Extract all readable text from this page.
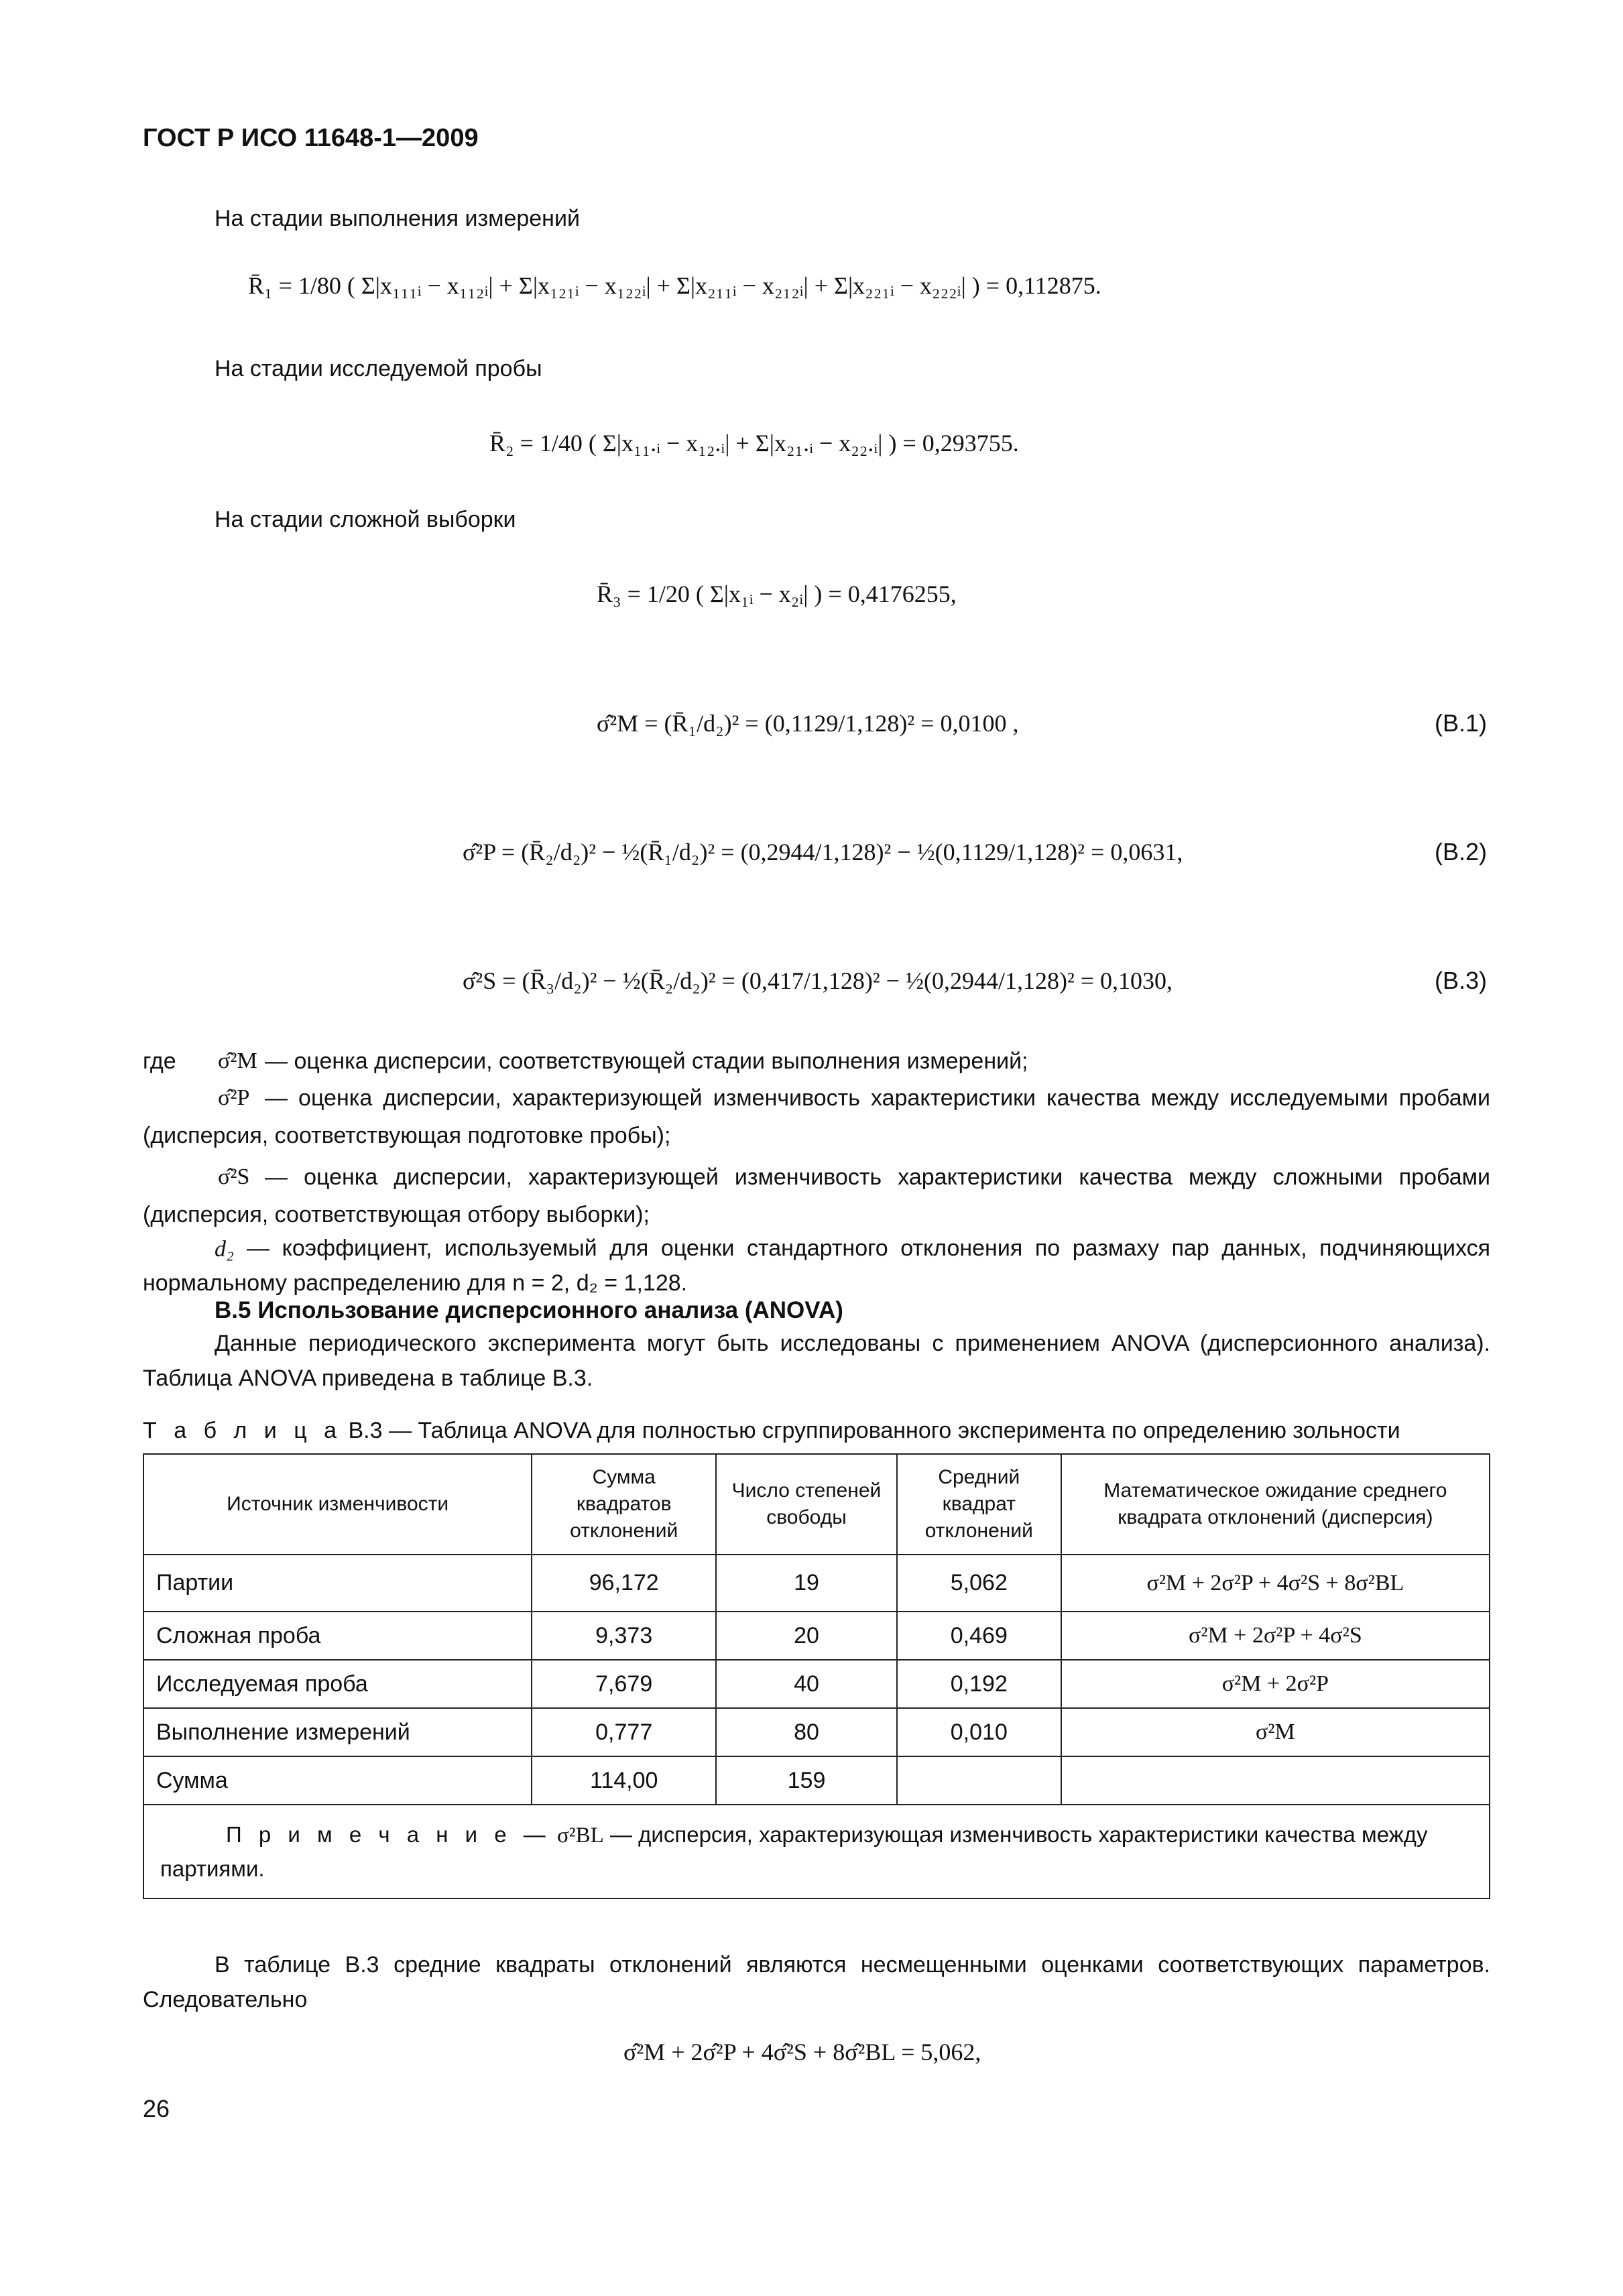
ГОСТ Р ИСО 11648-1—2009
На стадии выполнения измерений
R̄₁ = 1/80 ( Σ|x₁₁₁ᵢ − x₁₁₂ᵢ| + Σ|x₁₂₁ᵢ − x₁₂₂ᵢ| + Σ|x₂₁₁ᵢ − x₂₁₂ᵢ| + Σ|x₂₂₁ᵢ − x₂₂₂ᵢ| ) = 0,112875.
На стадии исследуемой пробы
R̄₂ = 1/40 ( Σ|x₁₁.ᵢ − x₁₂.ᵢ| + Σ|x₂₁.ᵢ − x₂₂.ᵢ| ) = 0,293755.
На стадии сложной выборки
R̄₃ = 1/20 ( Σ|x₁ᵢ − x₂ᵢ| ) = 0,4176255,
σ̂²M = (R̄₁/d₂)² = (0,1129/1,128)² = 0,0100 ,	(В.1)
σ̂²P = (R̄₂/d₂)² − ½(R̄₁/d₂)² = (0,2944/1,128)² − ½(0,1129/1,128)² = 0,0631,	(В.2)
σ̂²S = (R̄₃/d₂)² − ½(R̄₂/d₂)² = (0,417/1,128)² − ½(0,2944/1,128)² = 0,1030,	(В.3)
где σ̂²M — оценка дисперсии, соответствующей стадии выполнения измерений;
σ̂²P — оценка дисперсии, характеризующей изменчивость характеристики качества между исследуемыми пробами (дисперсия, соответствующая подготовке пробы);
σ̂²S — оценка дисперсии, характеризующей изменчивость характеристики качества между сложными пробами (дисперсия, соответствующая отбору выборки);
d₂ — коэффициент, используемый для оценки стандартного отклонения по размаху пар данных, подчиняющихся нормальному распределению для n = 2, d₂ = 1,128.
В.5 Использование дисперсионного анализа (ANOVA)
Данные периодического эксперимента могут быть исследованы с применением ANOVA (дисперсионного анализа). Таблица ANOVA приведена в таблице В.3.
Т а б л и ц а В.3 — Таблица ANOVA для полностью сгруппированного эксперимента по определению зольности
Источник изменчивости	Сумма квадратов отклонений	Число степеней свободы	Средний квадрат отклонений	Математическое ожидание среднего квадрата отклонений (дисперсия)
Партии	96,172	19	5,062	σ²M + 2σ²P + 4σ²S + 8σ²BL
Сложная проба	9,373	20	0,469	σ²M + 2σ²P + 4σ²S
Исследуемая проба	7,679	40	0,192	σ²M + 2σ²P
Выполнение измерений	0,777	80	0,010	σ²M
Сумма	114,00	159		
П р и м е ч а н и е — σ²BL — дисперсия, характеризующая изменчивость характеристики качества между партиями.				
В таблице В.3 средние квадраты отклонений являются несмещенными оценками соответствующих параметров. Следовательно
σ̂²M + 2σ̂²P + 4σ̂²S + 8σ̂²BL = 5,062,
26
